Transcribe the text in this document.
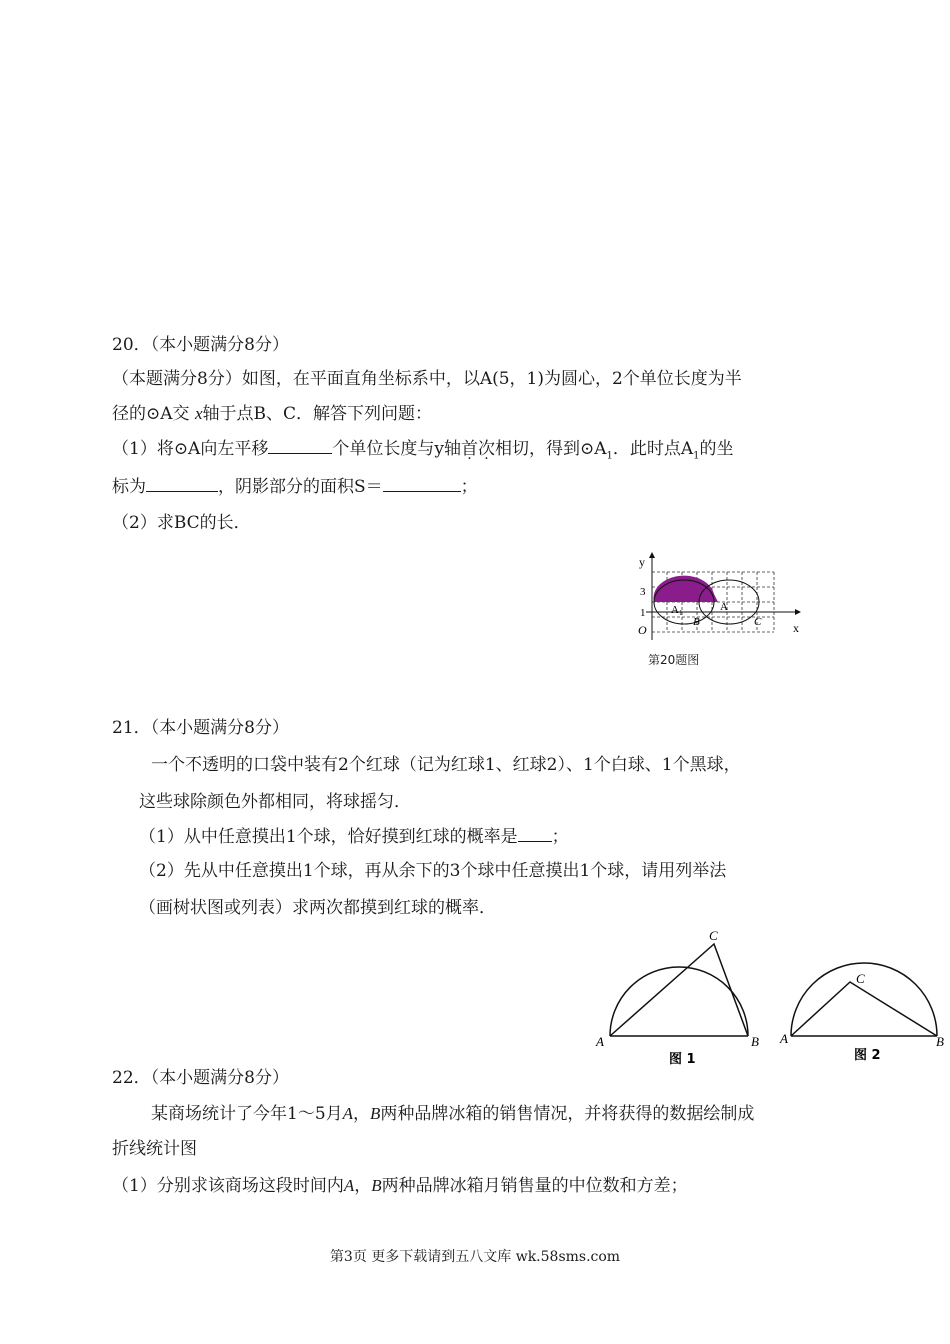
20．（本小题满分8分）
（本题满分8分）如图，在平面直角坐标系中，以A(5，1)为圆心，2个单位长度为半
径的⊙A交 x轴于点B、C．解答下列问题：
（1）将⊙A向左平移	个单位长度与y轴首次相切，得到$⊙A_1$．此时点$A_1$的坐
标为	，阴影部分的面积S＝	；
（2）求BC的长．
y
x
3
1
O
A1	A
B	C
第20题图
21．（本小题满分8分）
一个不透明的口袋中装有2个红球（记为红球1、红球2）、1个白球、1个黑球，
这些球除颜色外都相同，将球摇匀．
（1）从中任意摸出1个球，恰好摸到红球的概率是 ；
（2）先从中任意摸出1个球，再从余下的3个球中任意摸出1个球，请用列举法
（画树状图或列表）求两次都摸到红球的概率．
A	B
C
图 1
A	B
C
图 2
22．（本小题满分8分）
某商场统计了今年1～5月A，B两种品牌冰箱的销售情况，并将获得的数据绘制成
折线统计图
（1）分别求该商场这段时间内A，B两种品牌冰箱月销售量的中位数和方差；
第3页 更多下载请到五八文库 wk.58sms.com
